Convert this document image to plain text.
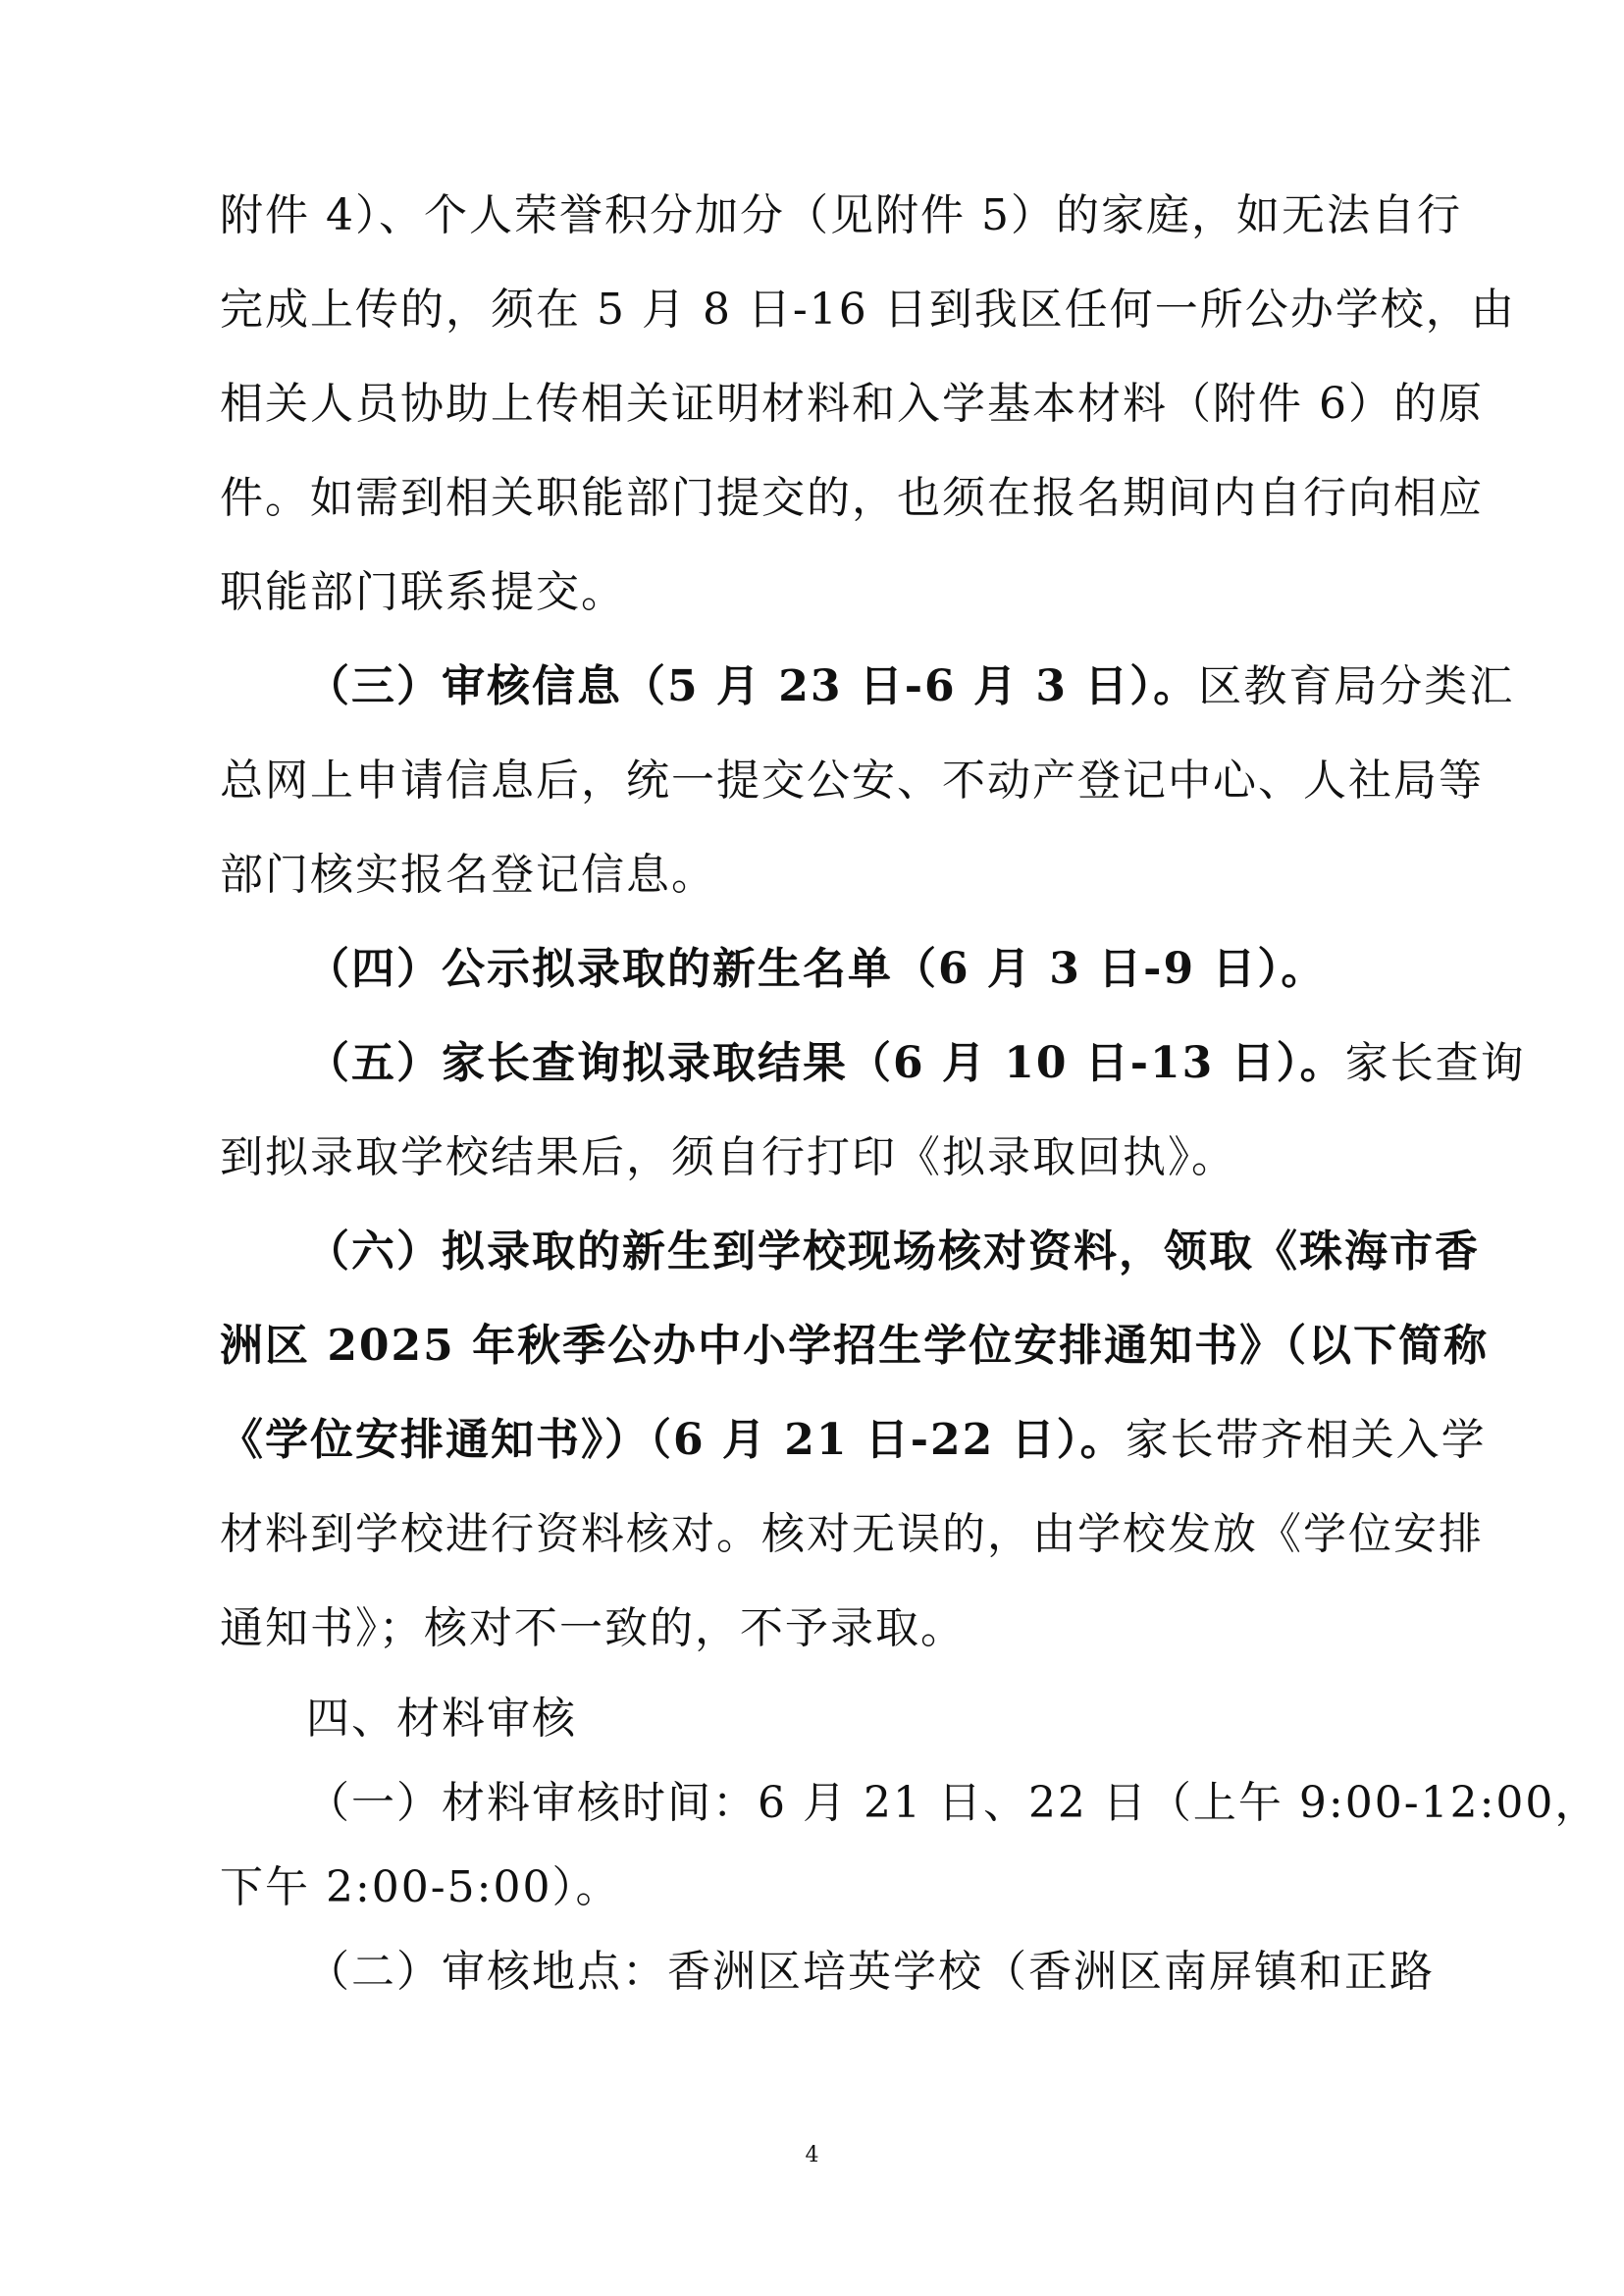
附件 4）、个人荣誉积分加分（见附件 5）的家庭，如无法自行
完成上传的，须在 5 月 8 日-16 日到我区任何一所公办学校，由
相关人员协助上传相关证明材料和入学基本材料（附件 6）的原
件。如需到相关职能部门提交的，也须在报名期间内自行向相应
职能部门联系提交。
（三）审核信息（5 月 23 日-6 月 3 日）。区教育局分类汇
总网上申请信息后，统一提交公安、不动产登记中心、人社局等
部门核实报名登记信息。
（四）公示拟录取的新生名单（6 月 3 日-9 日）。
（五）家长查询拟录取结果（6 月 10 日-13 日）。家长查询
到拟录取学校结果后，须自行打印《拟录取回执》。
（六）拟录取的新生到学校现场核对资料，领取《珠海市香
洲区 2025 年秋季公办中小学招生学位安排通知书》（以下简称
《学位安排通知书》）（6 月 21 日-22 日）。家长带齐相关入学
材料到学校进行资料核对。核对无误的，由学校发放《学位安排
通知书》；核对不一致的，不予录取。
四、材料审核
（一）材料审核时间：6 月 21 日、22 日（上午 9:00-12:00，
下午 2:00-5:00）。
（二）审核地点：香洲区培英学校（香洲区南屏镇和正路
4
